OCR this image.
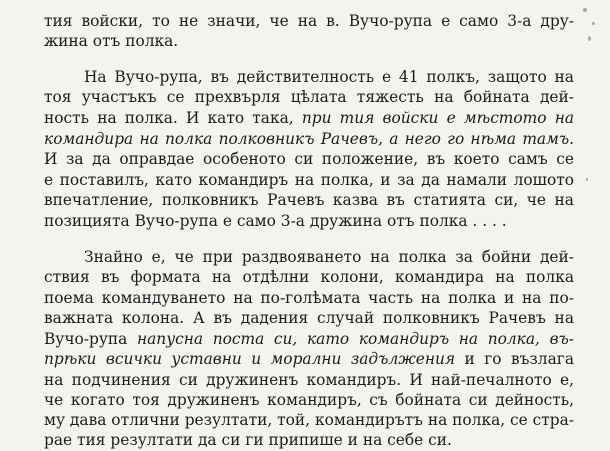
тия войски, то не значи, че на в. Вучо-рупа е само 3-а дру-
жина отъ полка.
На Вучо-рупа, въ действителность е 41 полкъ, защото на
тоя участъкъ се прехвърля цѣлата тяжесть на бойната дей-
ность на полка. И като така, при тия войски е мѣстото на
командира на полка полковникъ Рачевъ, а него го нѣма тамъ.
И за да оправдае особеното си положение, въ което самъ се
е поставилъ, като командиръ на полка, и за да намали лошото
впечатление, полковникъ Рачевъ казва въ статията си, че на
позицията Вучо-рупа е само 3-а дружина отъ полка . . . .
Знайно е, че при раздвояването на полка за бойни дей-
ствия въ формата на отдѣлни колони, командира на полка
поема командуването на по-голѣмата часть на полка и на по-
важната колона. А въ дадения случай полковникъ Рачевъ на
Вучо-рупа напусна поста си, като командиръ на полка, въ-
прѣки всички уставни и морални задължения и го възлага
на подчинения си дружиненъ командиръ. И най-печалното е,
че когато тоя дружиненъ командиръ, съ бойната си дейность,
му дава отлични резултати, той, командирътъ на полка, се стра-
рае тия резултати да си ги припише и на себе си.
